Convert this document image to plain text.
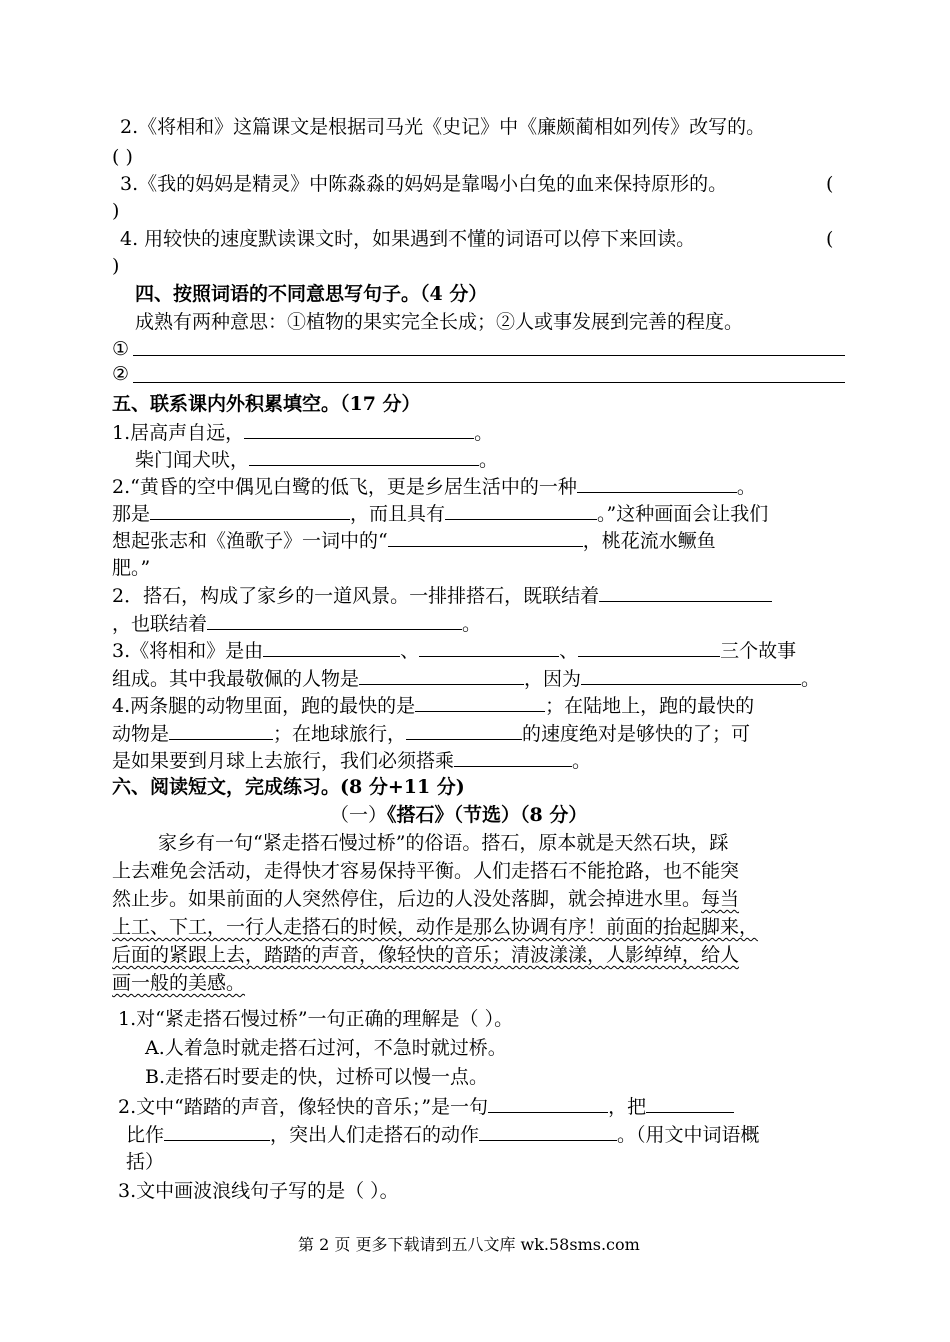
2.《将相和》这篇课文是根据司马光《史记》中《廉颇蔺相如列传》改写的。
( )
3.《我的妈妈是精灵》中陈淼淼的妈妈是靠喝小白兔的血来保持原形的。	(
)
4. 用较快的速度默读课文时，如果遇到不懂的词语可以停下来回读。	(
)
四、按照词语的不同意思写句子。（4 分）
成熟有两种意思：①植物的果实完全长成；②人或事发展到完善的程度。
①
②
五、联系课内外积累填空。（17 分）
1.居高声自远，	。
柴门闻犬吠，	。
2.“黄昏的空中偶见白鹭的低飞，更是乡居生活中的一种	。
那是	，而且具有	。”这种画面会让我们
想起张志和《渔歌子》一词中的“	，桃花流水鳜鱼
肥。”
2．搭石，构成了家乡的一道风景。一排排搭石，既联结着
，也联结着	。
3.《将相和》是由	、	、	三个故事
组成。其中我最敬佩的人物是	，因为	。
4.两条腿的动物里面，跑的最快的是	；在陆地上，跑的最快的
动物是	；在地球旅行，	的速度绝对是够快的了；可
是如果要到月球上去旅行，我们必须搭乘	。
六、阅读短文，完成练习。(8 分+11 分)
（一）《搭石》（节选）（8 分）
家乡有一句“紧走搭石慢过桥”的俗语。搭石，原本就是天然石块，踩
上去难免会活动，走得快才容易保持平衡。人们走搭石不能抢路，也不能突
然止步。如果前面的人突然停住，后边的人没处落脚，就会掉进水里。每当
上工、下工，一行人走搭石的时候，动作是那么协调有序！前面的抬起脚来，
后面的紧跟上去，踏踏的声音，像轻快的音乐；清波漾漾，人影绰绰，给人
画一般的美感。
1.对“紧走搭石慢过桥”一句正确的理解是（ ）。
A.人着急时就走搭石过河，不急时就过桥。
B.走搭石时要走的快，过桥可以慢一点。
2.文中“踏踏的声音，像轻快的音乐；”是一句	，把
比作	，突出人们走搭石的动作	。（用文中词语概
括）
3.文中画波浪线句子写的是（ ）。
第 2 页 更多下载请到五八文库 wk.58sms.com
